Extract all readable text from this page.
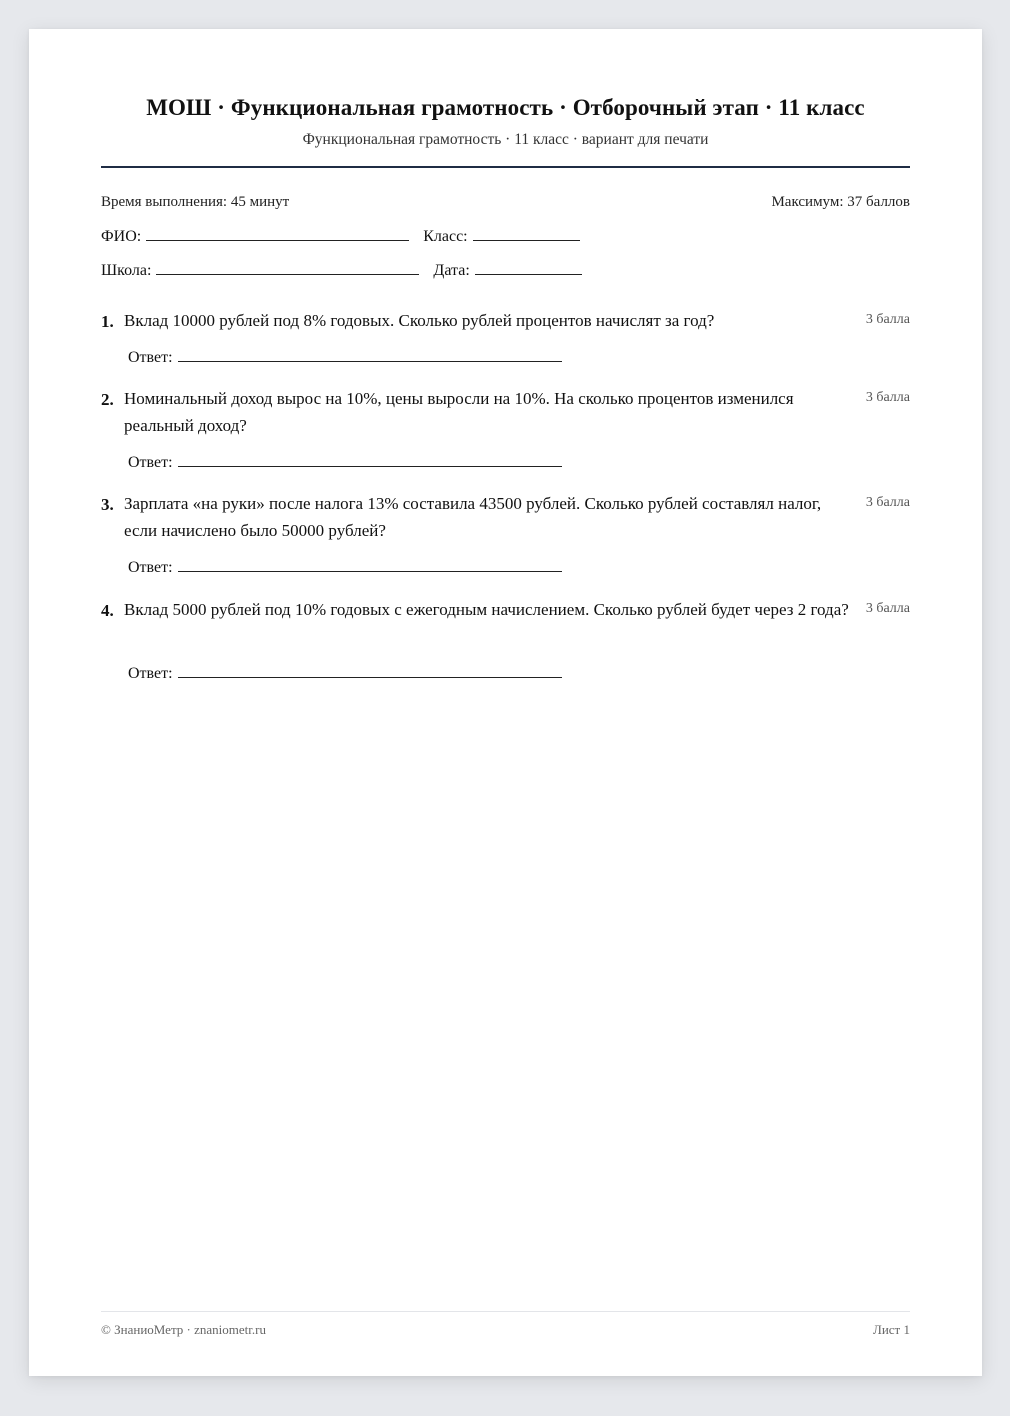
МОШ · Функциональная грамотность · Отборочный этап · 11 класс
Функциональная грамотность · 11 класс · вариант для печати
Время выполнения: 45 минут	Максимум: 37 баллов
ФИО:	Класс:
Школа:	Дата:
1. Вклад 10000 рублей под 8% годовых. Сколько рублей процентов начислят за год?	3 балла
Ответ:
2. Номинальный доход вырос на 10%, цены выросли на 10%. На сколько процентов изменился реальный доход?
3 балла
Ответ:
3. Зарплата «на руки» после налога 13% составила 43500 рублей. Сколько рублей составлял налог, если начислено было 50000 рублей?
3 балла
Ответ:
4. Вклад 5000 рублей под 10% годовых с ежегодным начислением. Сколько рублей будет через 2 года? 3 балла
Ответ:
© ЗнаниоМетр · znaniometr.ru	Лист 1
